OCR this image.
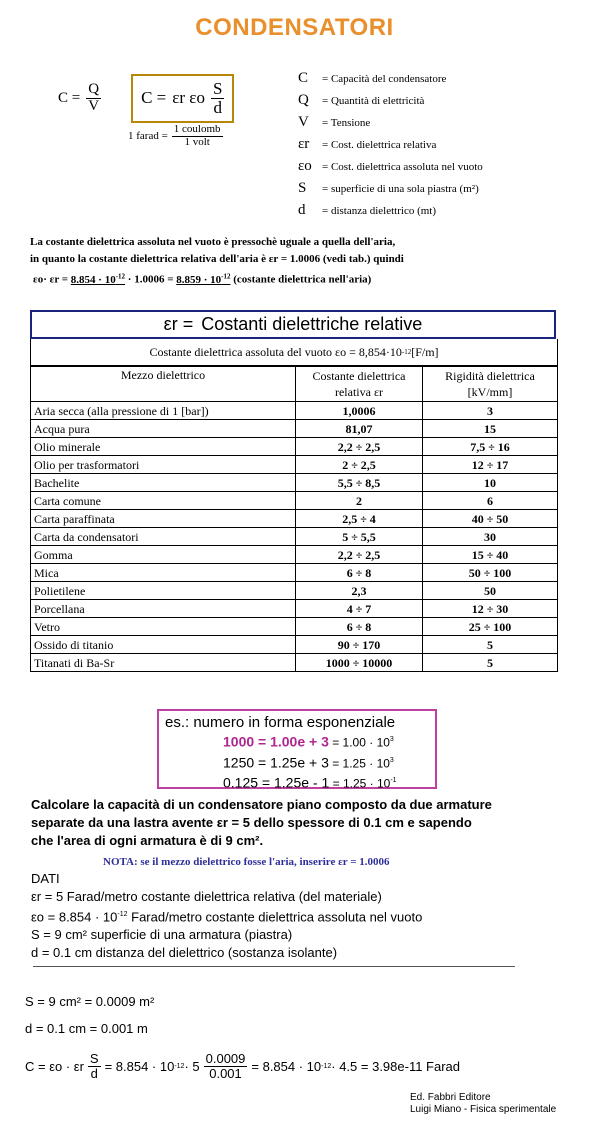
CONDENSATORI
$C = \frac{Q}{V}$ C = εr εo $\frac{S}{d}$
1 farad = $\frac{\text{1 coulomb}}{\text{1 volt}}$
C = Capacità del condensatore
Q = Quantità di elettricità
V = Tensione
εr = Cost. dielettrica relativa
εo = Cost. dielettrica assoluta nel vuoto
S = superficie di una sola piastra (m²)
d = distanza dielettrico (mt)
La costante dielettrica assoluta nel vuoto è pressochè uguale a quella dell'aria,
in quanto la costante dielettrica relativa dell'aria è εr = 1.0006 (vedi tab.) quindi
$\varepsilon o\cdot \varepsilon r = 8.854 \cdot 10^{-12} \cdot 1.0006 = 8.859 \cdot 10^{-12}$ (costante dielettrica nell'aria)
εr = Costanti dielettriche relative
Costante dielettrica assoluta del vuoto εo = 8,854·10 -12 [F/m]
Mezzo dielettrico	Costante dielettrica relativa εr	Rigidità dielettrica [kV/mm]
Aria secca (alla pressione di 1 [bar])	1,0006	3
Acqua pura	81,07	15
Olio minerale	2,2 ÷ 2,5	7,5 ÷ 16
Olio per trasformatori	2 ÷ 2,5	12 ÷ 17
Bachelite	5,5 ÷ 8,5	10
Carta comune	2	6
Carta paraffinata	2,5 ÷ 4	40 ÷ 50
Carta da condensatori	5 ÷ 5,5	30
Gomma	2,2 ÷ 2,5	15 ÷ 40
Mica	6 ÷ 8	50 ÷ 100
Polietilene	2,3	50
Porcellana	4 ÷ 7	12 ÷ 30
Vetro	6 ÷ 8	25 ÷ 100
Ossido di titanio	90 ÷ 170	5
Titanati di Ba-Sr	1000 ÷ 10000	5
es.: numero in forma esponenziale
$1000 = 1.00e + 3 = 1.00 \cdot 10^3$
$1250 = 1.25e + 3 = 1.25 \cdot 10^3$
$0.125 = 1.25e - 1 = 1.25 \cdot 10^{-1}$
Calcolare la capacità di un condensatore piano composto da due armature
separate da una lastra avente εr = 5 dello spessore di 0.1 cm e sapendo
che l'area di ogni armatura è di 9 cm².
NOTA: se il mezzo dielettrico fosse l'aria, inserire εr = 1.0006
DATI
εr = 5 Farad/metro costante dielettrica relativa (del materiale)
$\varepsilon o = 8.854 \cdot 10^{-12}$ Farad/metro costante dielettrica assoluta nel vuoto
S = 9 cm² superficie di una armatura (piastra)
d = 0.1 cm distanza del dielettrico (sostanza isolante)
S = 9 cm² = 0.0009 m²
d = 0.1 cm = 0.001 m
C = εo · εr $\frac{S}{d} = 8.854 \cdot 10$ $-12 \cdot 5 \frac{0.0009}{0.001} = 8.854 \cdot 10$ -12 · 4.5 = 3.98e-11 Farad
Ed. Fabbri Editore
Luigi Miano - Fisica sperimentale
